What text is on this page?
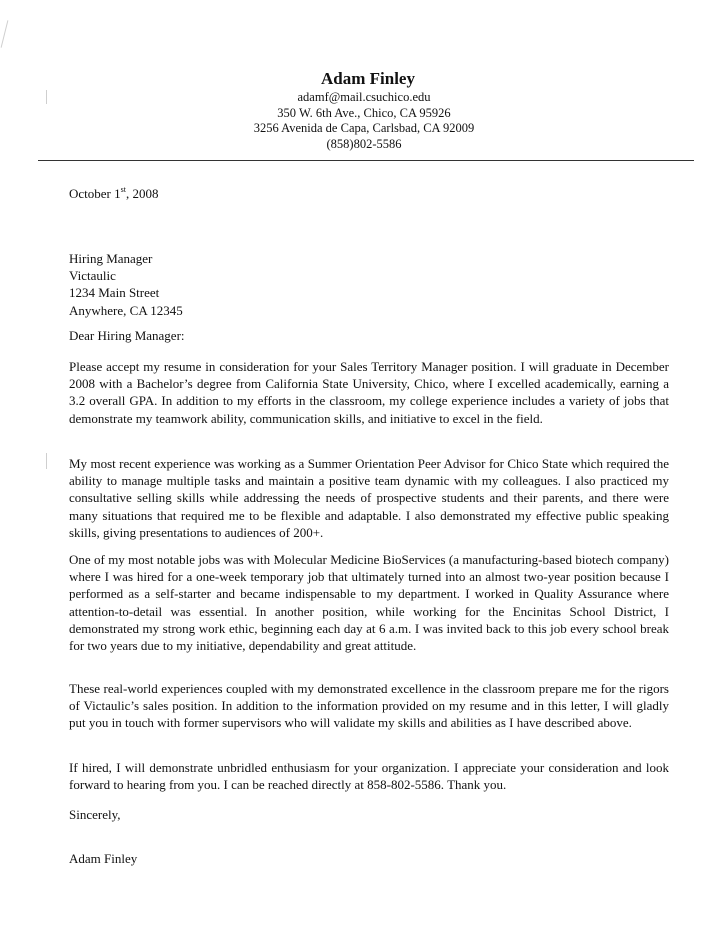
Adam Finley
adamf@mail.csuchico.edu
350 W. 6th Ave., Chico, CA 95926
3256 Avenida de Capa, Carlsbad, CA 92009
(858)802-5586
October 1st, 2008
Hiring Manager
Victaulic
1234 Main Street
Anywhere, CA 12345
Dear Hiring Manager:
Please accept my resume in consideration for your Sales Territory Manager position. I will graduate in December 2008 with a Bachelor’s degree from California State University, Chico, where I excelled academically, earning a 3.2 overall GPA. In addition to my efforts in the classroom, my college experience includes a variety of jobs that demonstrate my teamwork ability, communication skills, and initiative to excel in the field.
My most recent experience was working as a Summer Orientation Peer Advisor for Chico State which required the ability to manage multiple tasks and maintain a positive team dynamic with my colleagues. I also practiced my consultative selling skills while addressing the needs of prospective students and their parents, and there were many situations that required me to be flexible and adaptable. I also demonstrated my effective public speaking skills, giving presentations to audiences of 200+.
One of my most notable jobs was with Molecular Medicine BioServices (a manufacturing-based biotech company) where I was hired for a one-week temporary job that ultimately turned into an almost two-year position because I performed as a self-starter and became indispensable to my department. I worked in Quality Assurance where attention-to-detail was essential. In another position, while working for the Encinitas School District, I demonstrated my strong work ethic, beginning each day at 6 a.m. I was invited back to this job every school break for two years due to my initiative, dependability and great attitude.
These real-world experiences coupled with my demonstrated excellence in the classroom prepare me for the rigors of Victaulic’s sales position. In addition to the information provided on my resume and in this letter, I will gladly put you in touch with former supervisors who will validate my skills and abilities as I have described above.
If hired, I will demonstrate unbridled enthusiasm for your organization. I appreciate your consideration and look forward to hearing from you. I can be reached directly at 858-802-5586. Thank you.
Sincerely,
Adam Finley
